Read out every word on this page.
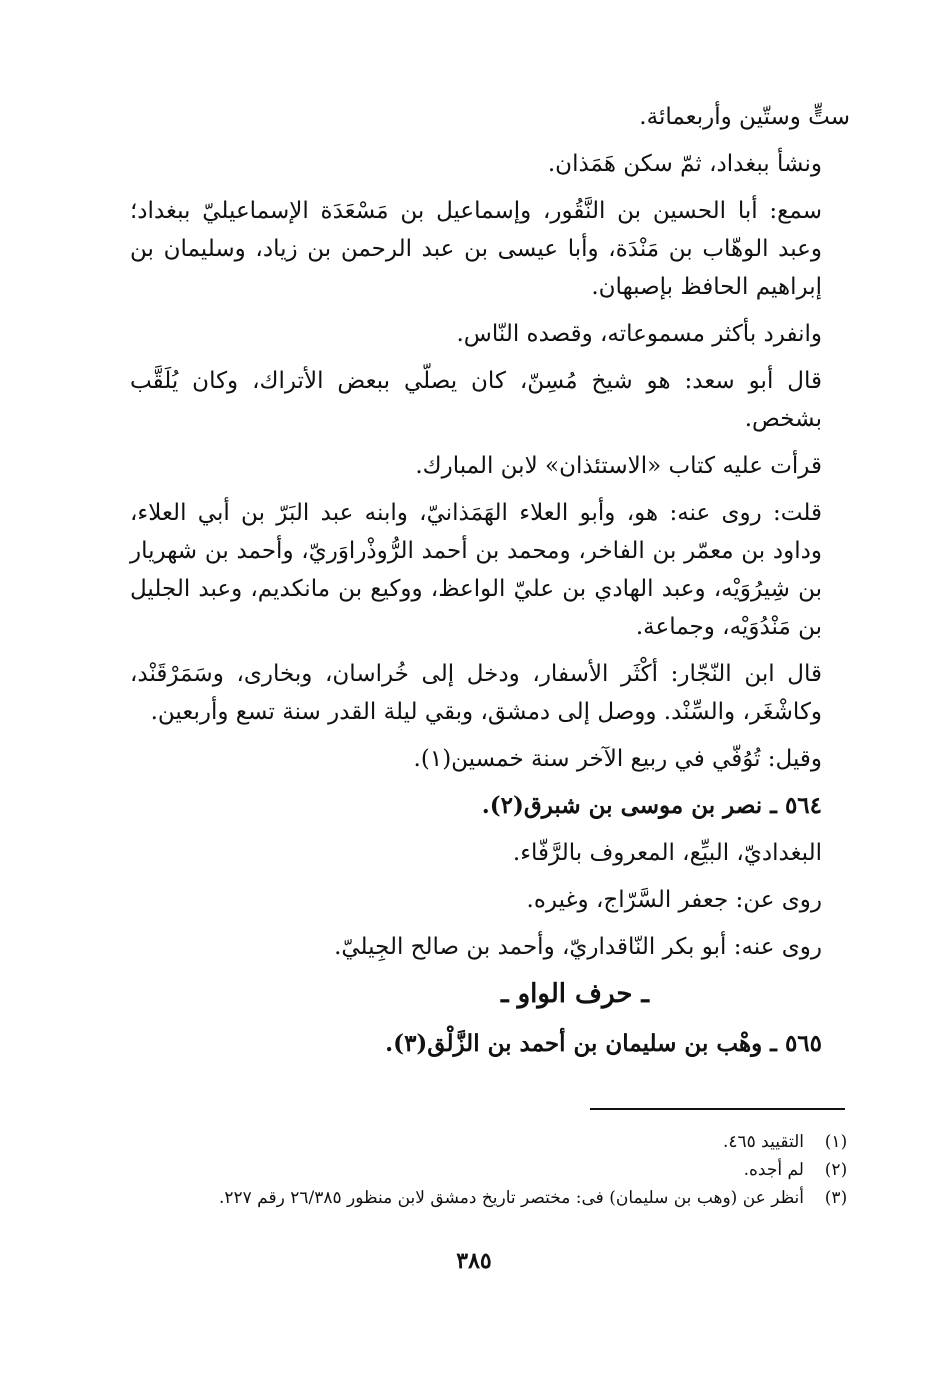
ستٍّ وستّين وأربعمائة.

ونشأ ببغداد، ثمّ سكن هَمَذان.

سمع: أبا الحسين بن النَّقُور، وإسماعيل بن مَسْعَدَة الإسماعيليّ ببغداد؛ وعبد الوهّاب بن مَنْدَة، وأبا عيسى بن عبد الرحمن بن زياد، وسليمان بن إبراهيم الحافظ بإصبهان.

وانفرد بأكثر مسموعاته، وقصده النّاس.

قال أبو سعد: هو شيخ مُسِنّ، كان يصلّي ببعض الأتراك، وكان يُلَقَّب بشخص.

قرأت عليه كتاب «الاستئذان» لابن المبارك.

قلت: روى عنه: هو، وأبو العلاء الهَمَذانيّ، وابنه عبد البَرّ بن أبي العلاء، وداود بن معمّر بن الفاخر، ومحمد بن أحمد الرُّوذْراوَريّ، وأحمد بن شهريار بن شِيرُوَيْه، وعبد الهادي بن عليّ الواعظ، ووكيع بن مانكديم، وعبد الجليل بن مَنْدُوَيْه، وجماعة.

قال ابن النّجّار: أكْثَر الأسفار، ودخل إلى خُراسان، وبخارى، وسَمَرْقَنْد، وكاشْغَر، والسِّنْد. ووصل إلى دمشق، وبقي ليلة القدر سنة تسع وأربعين.

وقيل: تُوُفّي في ربيع الآخر سنة خمسين(١).

٥٦٤ ـ نصر بن موسى بن شبرق(٢).

البغداديّ، البيِّع، المعروف بالرَّفّاء.

روى عن: جعفر السَّرّاج، وغيره.

روى عنه: أبو بكر النّاقداريّ، وأحمد بن صالح الجِيليّ.

ـ حرف الواو ـ

٥٦٥ ـ وهْب بن سليمان بن أحمد بن الزَّلْق(٣).

(١)
التقييد ٤٦٥.
(٢)
لم أجده.
(٣)
أنظر عن (وهب بن سليمان) فى: مختصر تاريخ دمشق لابن منظور ٢٦/٣٨٥ رقم ٢٢٧.
٣٨٥
